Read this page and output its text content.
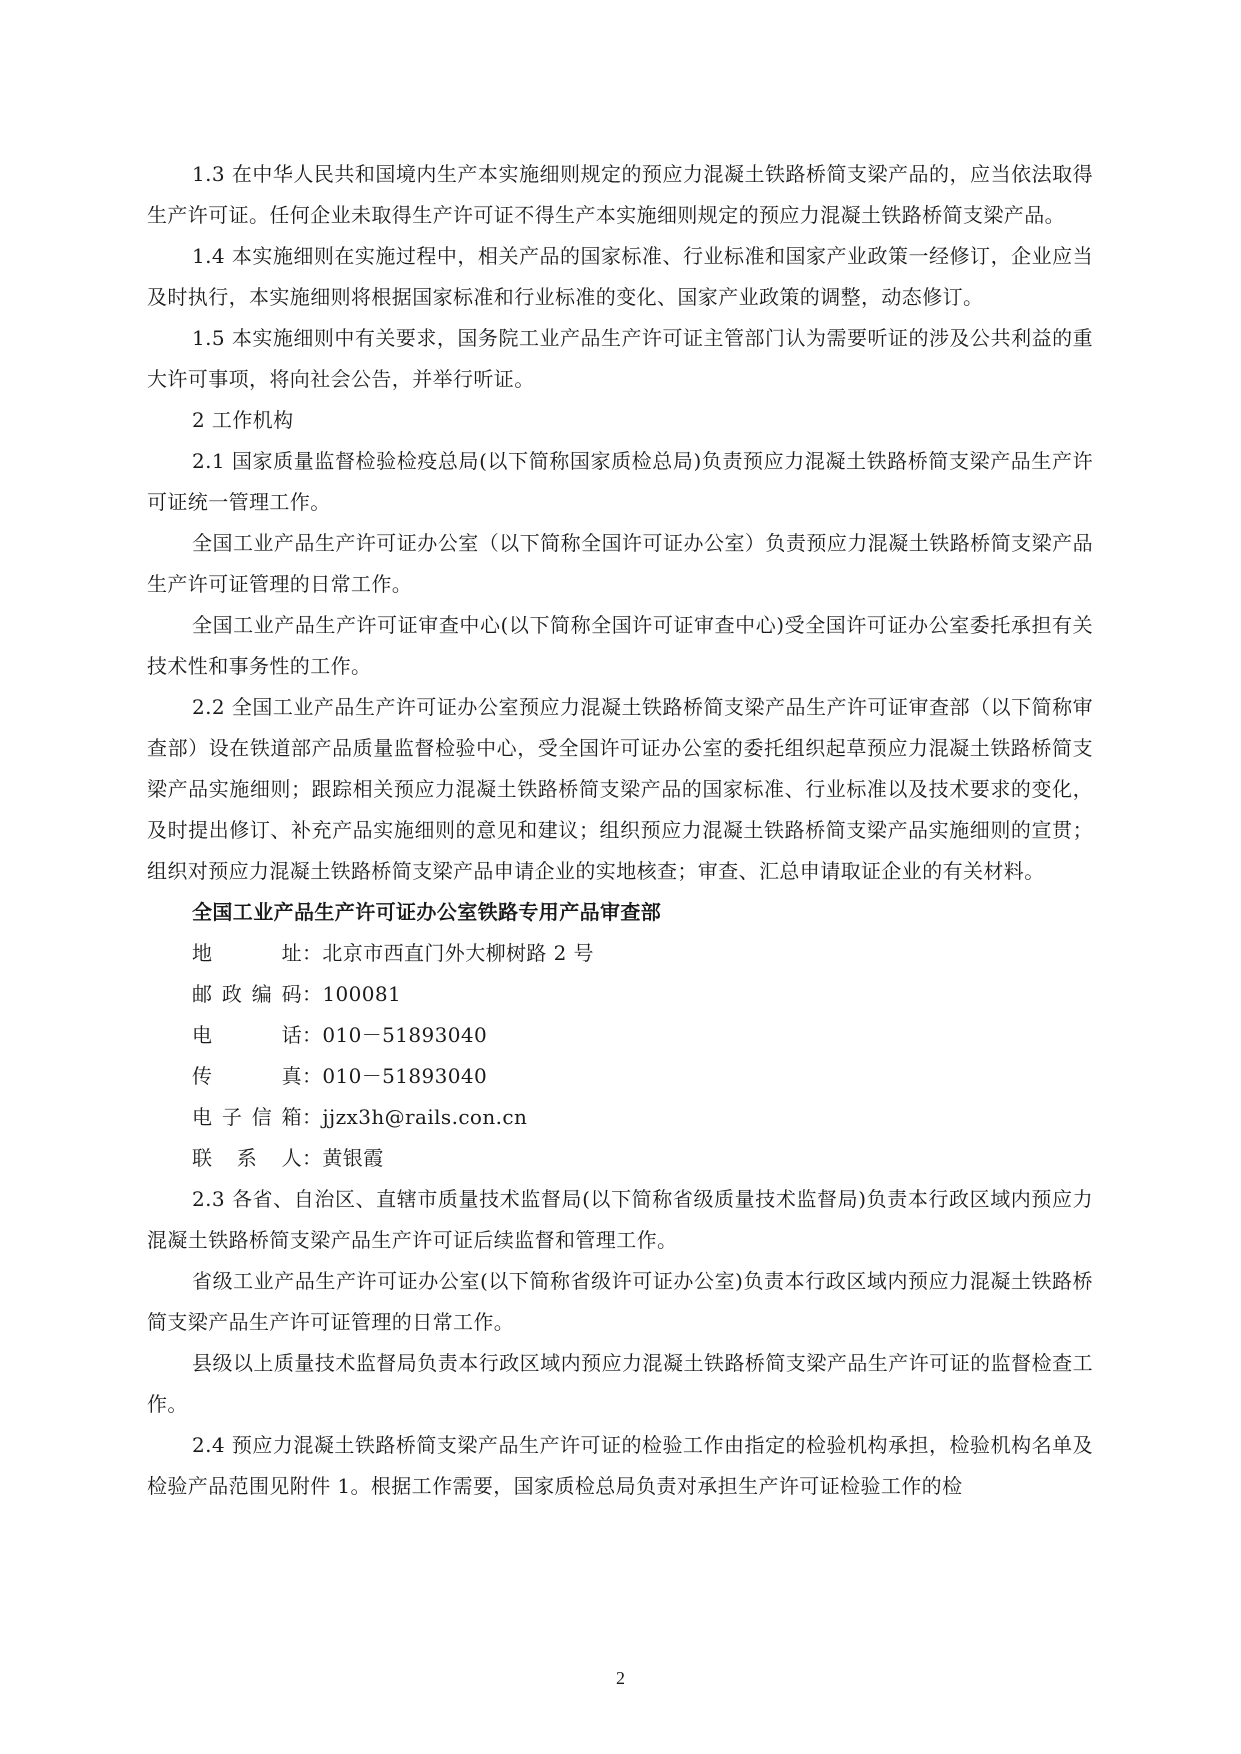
1.3 在中华人民共和国境内生产本实施细则规定的预应力混凝土铁路桥简支梁产品的，应当依法取得生产许可证。任何企业未取得生产许可证不得生产本实施细则规定的预应力混凝土铁路桥简支梁产品。

1.4 本实施细则在实施过程中，相关产品的国家标准、行业标准和国家产业政策一经修订，企业应当及时执行，本实施细则将根据国家标准和行业标准的变化、国家产业政策的调整，动态修订。

1.5 本实施细则中有关要求，国务院工业产品生产许可证主管部门认为需要听证的涉及公共利益的重大许可事项，将向社会公告，并举行听证。

2 工作机构

2.1 国家质量监督检验检疫总局(以下简称国家质检总局)负责预应力混凝土铁路桥简支梁产品生产许可证统一管理工作。

全国工业产品生产许可证办公室（以下简称全国许可证办公室）负责预应力混凝土铁路桥简支梁产品生产许可证管理的日常工作。

全国工业产品生产许可证审查中心(以下简称全国许可证审查中心)受全国许可证办公室委托承担有关技术性和事务性的工作。

2.2 全国工业产品生产许可证办公室预应力混凝土铁路桥简支梁产品生产许可证审查部（以下简称审查部）设在铁道部产品质量监督检验中心，受全国许可证办公室的委托组织起草预应力混凝土铁路桥简支梁产品实施细则；跟踪相关预应力混凝土铁路桥简支梁产品的国家标准、行业标准以及技术要求的变化，及时提出修订、补充产品实施细则的意见和建议；组织预应力混凝土铁路桥简支梁产品实施细则的宣贯；组织对预应力混凝土铁路桥简支梁产品申请企业的实地核查；审查、汇总申请取证企业的有关材料。

全国工业产品生产许可证办公室铁路专用产品审查部

地 址：北京市西直门外大柳树路 2 号

邮政编码：100081

电 话：010－51893040

传 真：010－51893040

电子信箱：jjzx3h@rails.con.cn

联 系 人：黄银霞

2.3 各省、自治区、直辖市质量技术监督局(以下简称省级质量技术监督局)负责本行政区域内预应力混凝土铁路桥简支梁产品生产许可证后续监督和管理工作。

省级工业产品生产许可证办公室(以下简称省级许可证办公室)负责本行政区域内预应力混凝土铁路桥简支梁产品生产许可证管理的日常工作。

县级以上质量技术监督局负责本行政区域内预应力混凝土铁路桥简支梁产品生产许可证的监督检查工作。

2.4 预应力混凝土铁路桥简支梁产品生产许可证的检验工作由指定的检验机构承担，检验机构名单及检验产品范围见附件 1。根据工作需要，国家质检总局负责对承担生产许可证检验工作的检

2
